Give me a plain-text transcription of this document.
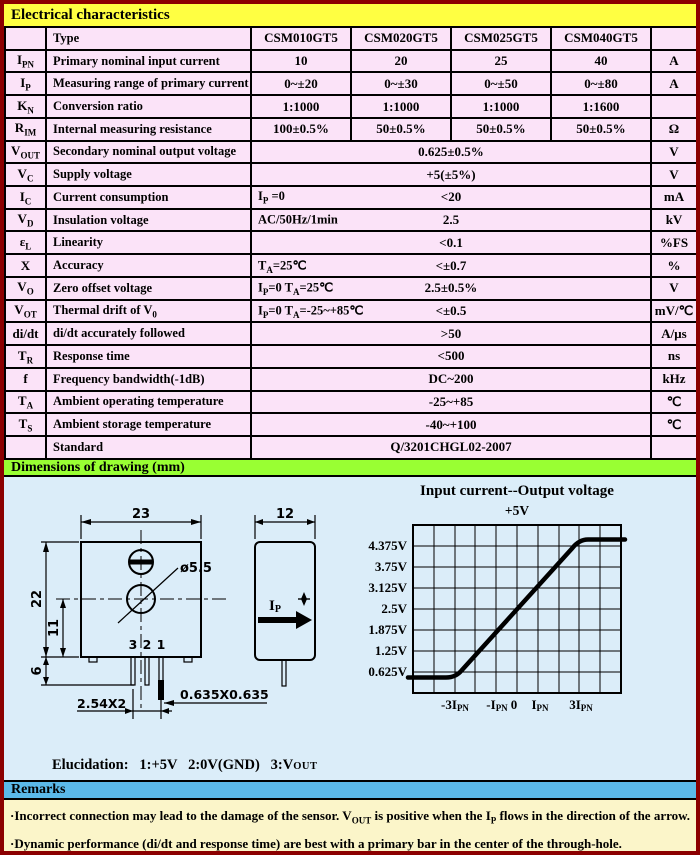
Electrical characteristics
	Type	CSM010GT5	CSM020GT5	CSM025GT5	CSM040GT5	
$I_{PN}$	Primary nominal input current	10	20	25	40	A
$I_P$	Measuring range of primary current	0~±20	0~±30	0~±50	0~±80	A
$K_N$	Conversion ratio	1:1000	1:1000	1:1000	1:1600	
$R_{IM}$	Internal measuring resistance	100±0.5%	50±0.5%	50±0.5%	50±0.5%	Ω
$V_{OUT}$	Secondary nominal output voltage	0.625±0.5%				V
$V_C$	Supply voltage	+5(±5%)				V
$I_C$	Current consumption	$I_P =0 <20$				mA
$V_D$	Insulation voltage	AC/50Hz/1min 2.5				kV
$\varepsilon_L$	Linearity	<0.1				%FS
X	Accuracy	$T_A=25℃ <\pm 0.7$				%
$V_O$	Zero offset voltage	$I_P=0$ $T_A=25℃$ 2.5±0.5%				V
$V_{OT}$	Thermal drift of $V_0$	$I_P=0$ $T_A=-25\sim+85℃ <\pm 0.5$				mV/℃
di/dt	di/dt accurately followed	>50				A/μs
$T_R$	Response time	<500				ns
f	Frequency bandwidth(-1dB)	DC~200				kHz
$T_A$	Ambient operating temperature	-25~+85				℃
$T_S$	Ambient storage temperature	-40~+100				℃
	Standard	Q/3201CHGL02-2007				
Dimensions of drawing (mm)
ø5.5
23
22
11
6
3 2 1
2.54X2
0.635X0.635
12
IP
Input current--Output voltage
+5V
4.375V
3.75V
3.125V
2.5V
1.875V
1.25V
0.625V
-3IPN -IPN 0 IPN 3IPN
Elucidation:   1:+5V   2:0V(GND)   3:VOUT
Remarks
·Incorrect connection may lead to the damage of the sensor. $V_{OUT}$ is positive when the $I_P$ flows in the direction of the arrow.
·Dynamic performance (di/dt and response time) are best with a primary bar in the center of the through-hole.
